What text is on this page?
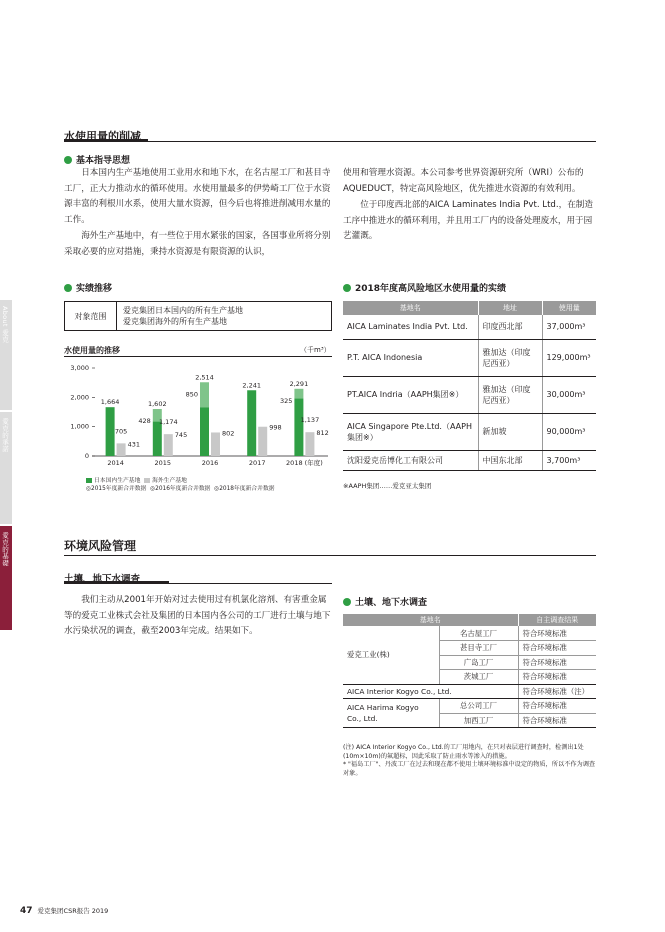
About 愛克
愛克的承諾
愛克的基礎
水使用量的削减
基本指导思想
日本国内生产基地使用工业用水和地下水，在名古屋工厂和甚目寺工厂，正大力推动水的循环使用。水使用量最多的伊势崎工厂位于水资源丰富的利根川水系，使用大量水资源，但今后也将推进削减用水量的工作。
海外生产基地中，有一些位于用水紧张的国家，各国事业所将分别采取必要的应对措施，秉持水资源是有限资源的认识，
使用和管理水资源。本公司参考世界资源研究所（WRI）公布的AQUEDUCT，特定高风险地区，优先推进水资源的有效利用。
位于印度西北部的AICA Laminates India Pvt. Ltd.，在制造工序中推进水的循环利用，并且用工厂内的设备处理废水，用于园艺灌溉。
实绩推移
对象范围
爱克集团日本国内的所有生产基地
爱克集团海外的所有生产基地
水使用量的推移	（千m³）
0
1,000
2,000
3,000
2014
1,664
431
705
2015
1,602
428
745
1,174
2016
2,514
850
802
2017
2,241
998
2018 (年度)
2,291
325
812
1,137
日本国内生产基地 海外生产基地
◎2015年度新合并数据 ◎2016年度新合并数据 ◎2018年度新合并数据
2018年度高风险地区水使用量的实绩
基地名	地址	使用量
AICA Laminates India Pvt. Ltd.	印度西北部	37,000m³
P.T. AICA Indonesia	雅加达（印度尼西亚）	129,000m³
PT.AICA Indria（AAPH集团※）	雅加达（印度尼西亚）	30,000m³
AICA Singapore Pte.Ltd.（AAPH集团※）	新加坡	90,000m³
沈阳爱克岳博化工有限公司	中国东北部	3,700m³
※AAPH集团……爱克亚太集团
环境风险管理
土壤、地下水调查
我们主动从2001年开始对过去使用过有机氯化溶剂、有害重金属等的爱克工业株式会社及集团的日本国内各公司的工厂进行土壤与地下水污染状况的调查，截至2003年完成。结果如下。
土壤、地下水调查
基地名		自主调查结果
爱克工业(株)	名古屋工厂	符合环境标准
	甚目寺工厂	符合环境标准
	广岛工厂	符合环境标准
	茨城工厂	符合环境标准
AICA Interior Kogyo Co., Ltd.		符合环境标准（注）
AICA Harima Kogyo Co., Ltd.	总公司工厂	符合环境标准
	加西工厂	符合环境标准
(注) AICA Interior Kogyo Co., Ltd.的工厂用地内，在只对表层进行调查时，检测出1处(10m×10m)的氟超标，因此采取了防止雨水等渗入的措施。
* "福岛工厂"、丹波工厂在过去和现在都不使用土壤环境标准中设定的物质，所以不作为调查对象。
47 爱克集团CSR报告 2019
